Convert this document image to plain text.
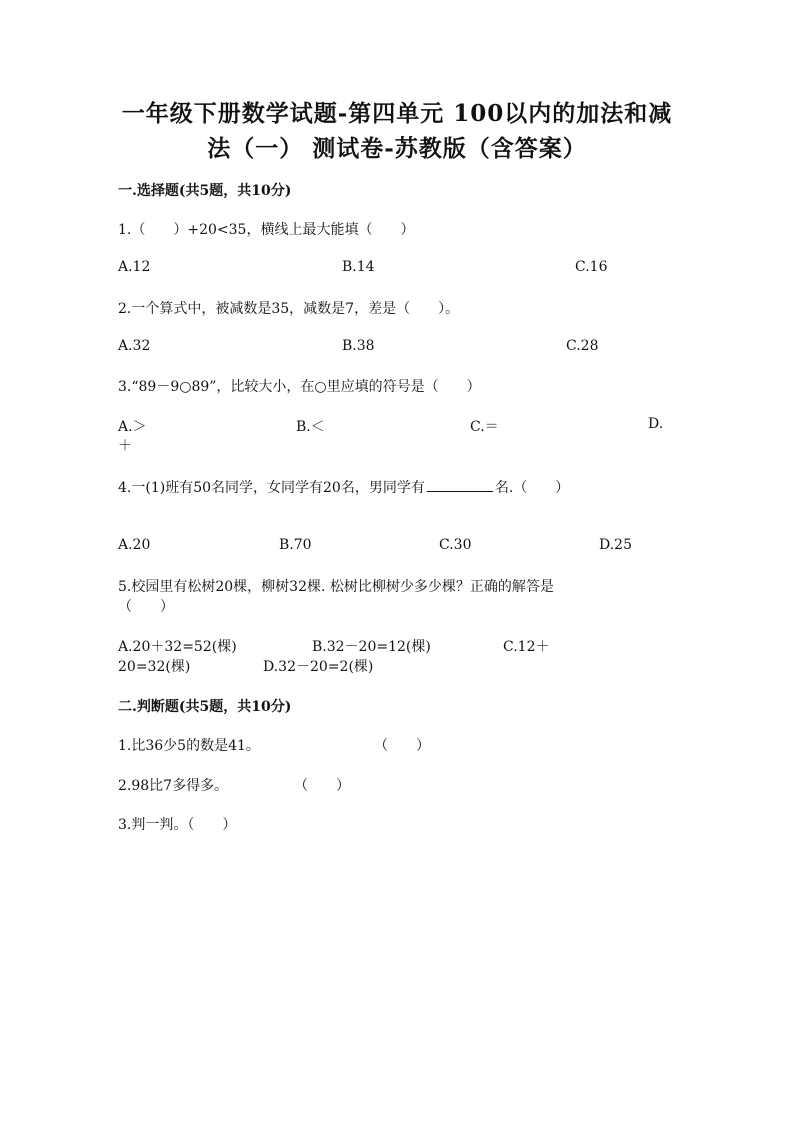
一年级下册数学试题-第四单元 100以内的加法和减
法（一） 测试卷-苏教版（含答案）
一.选择题(共5题，共10分)
1.（　　）+20<35，横线上最大能填（　　）
A.12	B.14	C.16
2.一个算式中，被减数是35，减数是7，差是（　　）。
A.32	B.38	C.28
3.“89－9○89”，比较大小，在○里应填的符号是（　　）
A.＞	B.＜	C.＝	D.
＋
4.一(1)班有50名同学，女同学有20名，男同学有	名.（　　）
A.20	B.70	C.30	D.25
5.校园里有松树20棵，柳树32棵. 松树比柳树少多少棵？正确的解答是
（　　）
A.20＋32=52(棵)	B.32－20=12(棵)	C.12＋
20=32(棵)	D.32－20=2(棵)
二.判断题(共5题，共10分)
1.比36少5的数是41。	（　　）
2.98比7多得多。	（　　）
3.判一判。（　　）
